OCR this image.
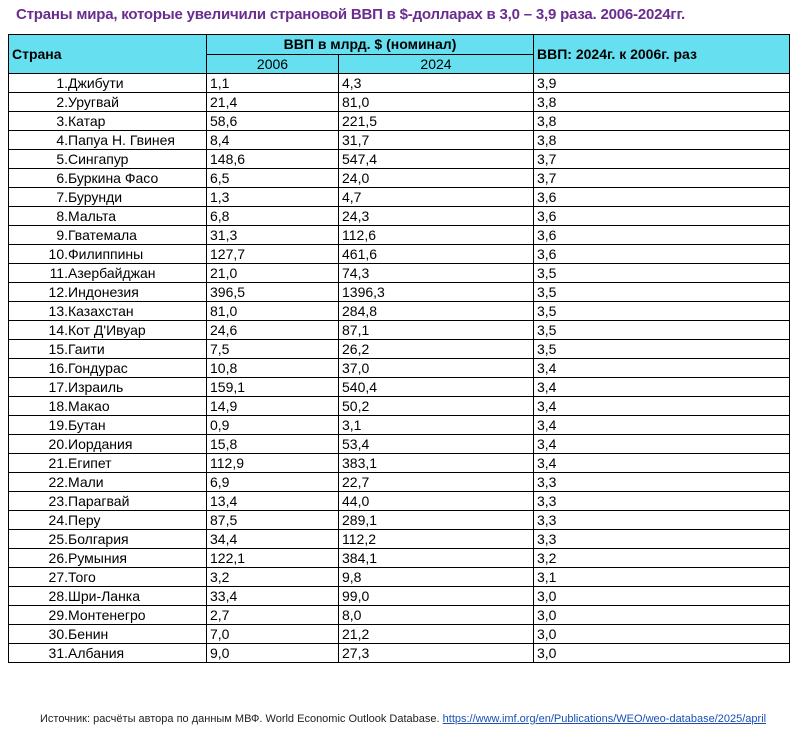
Страны мира, которые увеличили страновой ВВП в $-долларах в 3,0 – 3,9 раза. 2006-2024гг.
Страна	ВВП в млрд. $ (номинал)		ВВП: 2024г. к 2006г. раз
	2006	2024	
1.Джибути	1,1	4,3	3,9
2.Уругвай	21,4	81,0	3,8
3.Катар	58,6	221,5	3,8
4.Папуа Н. Гвинея	8,4	31,7	3,8
5.Сингапур	148,6	547,4	3,7
6.Буркина Фасо	6,5	24,0	3,7
7.Бурунди	1,3	4,7	3,6
8.Мальта	6,8	24,3	3,6
9.Гватемала	31,3	112,6	3,6
10.Филиппины	127,7	461,6	3,6
11.Азербайджан	21,0	74,3	3,5
12.Индонезия	396,5	1396,3	3,5
13.Казахстан	81,0	284,8	3,5
14.Кот Д'Ивуар	24,6	87,1	3,5
15.Гаити	7,5	26,2	3,5
16.Гондурас	10,8	37,0	3,4
17.Израиль	159,1	540,4	3,4
18.Макао	14,9	50,2	3,4
19.Бутан	0,9	3,1	3,4
20.Иордания	15,8	53,4	3,4
21.Египет	112,9	383,1	3,4
22.Мали	6,9	22,7	3,3
23.Парагвай	13,4	44,0	3,3
24.Перу	87,5	289,1	3,3
25.Болгария	34,4	112,2	3,3
26.Румыния	122,1	384,1	3,2
27.Того	3,2	9,8	3,1
28.Шри-Ланка	33,4	99,0	3,0
29.Монтенегро	2,7	8,0	3,0
30.Бенин	7,0	21,2	3,0
31.Албания	9,0	27,3	3,0
Источник: расчёты автора по данным МВФ. World Economic Outlook Database. https://www.imf.org/en/Publications/WEO/weo-database/2025/april
